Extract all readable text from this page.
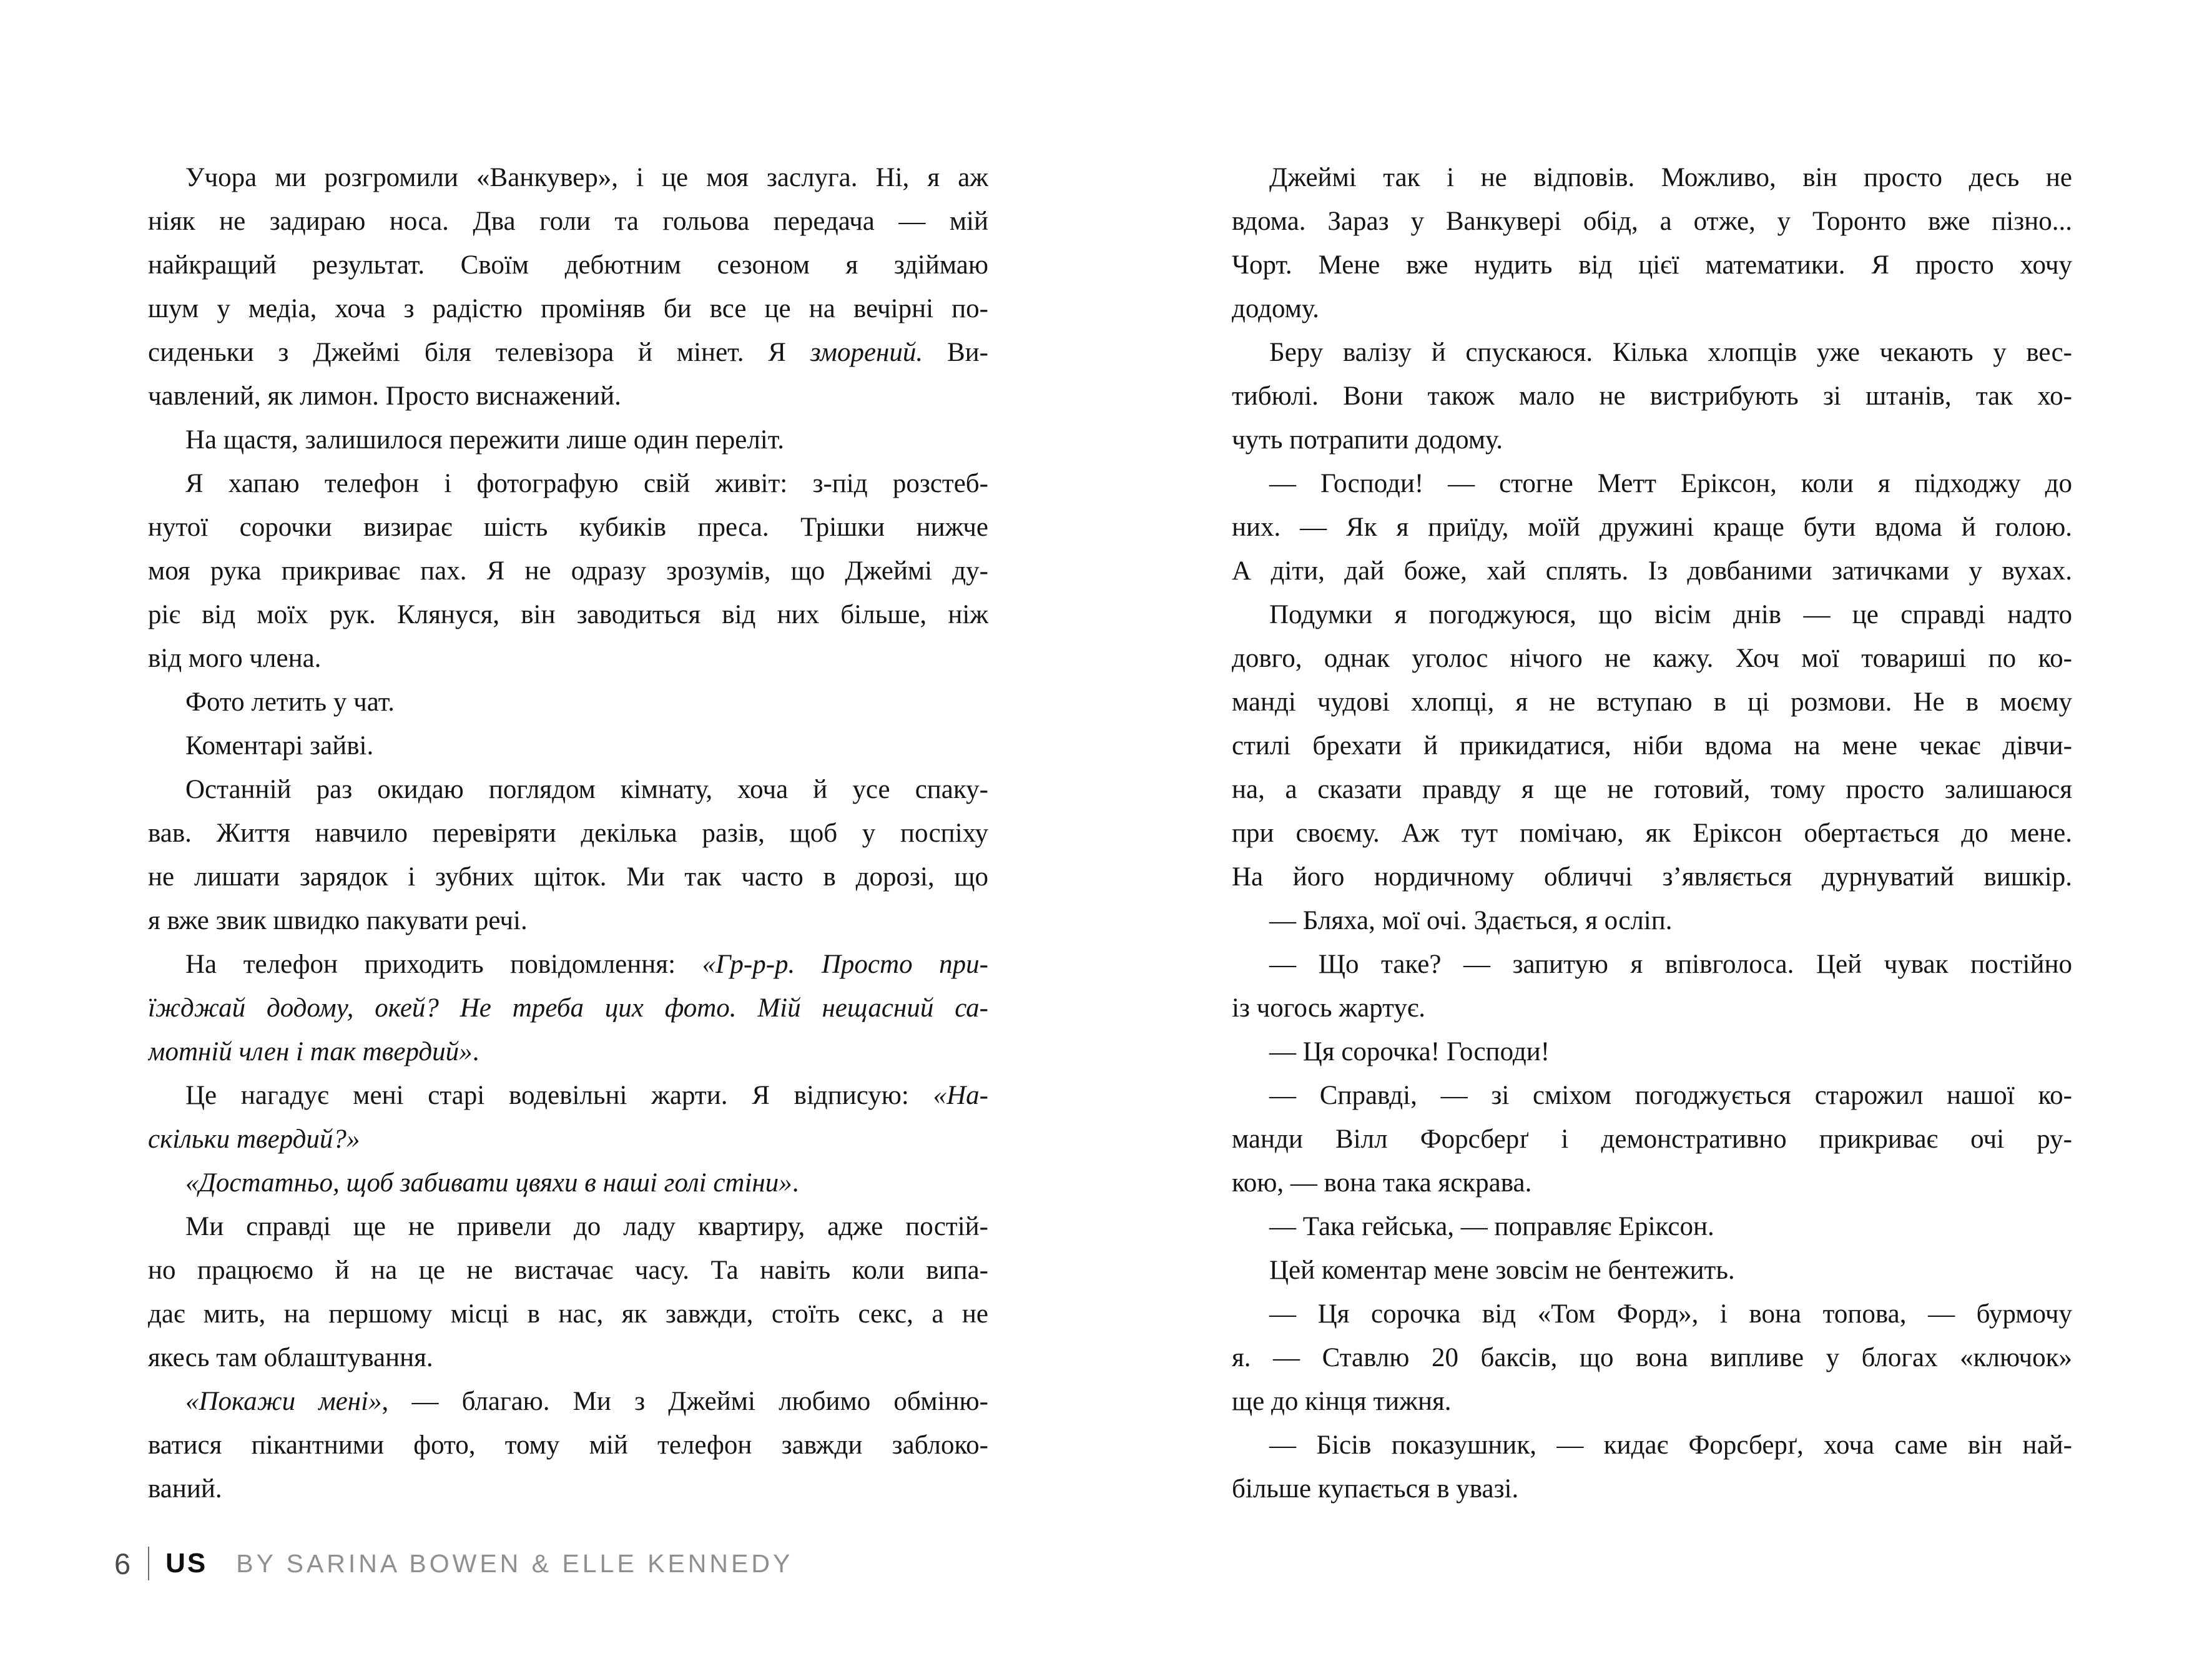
Учора ми розгромили «Ванкувер», і це моя заслуга. Ні, я аж
ніяк не задираю носа. Два голи та гольова передача — мій
найкращий результат. Своїм дебютним сезоном я здіймаю
шум у медіа, хоча з радістю проміняв би все це на вечірні по-
сиденьки з Джеймі біля телевізора й мінет. Я зморений. Ви-
чавлений, як лимон. Просто виснажений.
На щастя, залишилося пережити лише один переліт.
Я хапаю телефон і фотографую свій живіт: з-під розстеб-
нутої сорочки визирає шість кубиків преса. Трішки нижче
моя рука прикриває пах. Я не одразу зрозумів, що Джеймі ду-
ріє від моїх рук. Клянуся, він заводиться від них більше, ніж
від мого члена.
Фото летить у чат.
Коментарі зайві.
Останній раз окидаю поглядом кімнату, хоча й усе спаку-
вав. Життя навчило перевіряти декілька разів, щоб у поспіху
не лишати зарядок і зубних щіток. Ми так часто в дорозі, що
я вже звик швидко пакувати речі.
На телефон приходить повідомлення: «Гр-р-р. Просто при-
їжджай додому, окей? Не треба цих фото. Мій нещасний са-
мотній член і так твердий».
Це нагадує мені старі водевільні жарти. Я відписую: «На-
скільки твердий?»
«Достатньо, щоб забивати цвяхи в наші голі стіни».
Ми справді ще не привели до ладу квартиру, адже постій-
но працюємо й на це не вистачає часу. Та навіть коли випа-
дає мить, на першому місці в нас, як завжди, стоїть секс, а не
якесь там облаштування.
«Покажи мені», — благаю. Ми з Джеймі любимо обміню-
ватися пікантними фото, тому мій телефон завжди заблоко-
ваний.
6 US BY SARINA BOWEN & ELLE KENNEDY
Джеймі так і не відповів. Можливо, він просто десь не
вдома. Зараз у Ванкувері обід, а отже, у Торонто вже пізно...
Чорт. Мене вже нудить від цієї математики. Я просто хочу
додому.
Беру валізу й спускаюся. Кілька хлопців уже чекають у вес-
тибюлі. Вони також мало не вистрибують зі штанів, так хо-
чуть потрапити додому.
— Господи! — стогне Метт Еріксон, коли я підходжу до
них. — Як я приїду, моїй дружині краще бути вдома й голою.
А діти, дай боже, хай сплять. Із довбаними затичками у вухах.
Подумки я погоджуюся, що вісім днів — це справді надто
довго, однак уголос нічого не кажу. Хоч мої товариші по ко-
манді чудові хлопці, я не вступаю в ці розмови. Не в моєму
стилі брехати й прикидатися, ніби вдома на мене чекає дівчи-
на, а сказати правду я ще не готовий, тому просто залишаюся
при своєму. Аж тут помічаю, як Еріксон обертається до мене.
На його нордичному обличчі з’являється дурнуватий вишкір.
— Бляха, мої очі. Здається, я осліп.
— Що таке? — запитую я впівголоса. Цей чувак постійно
із чогось жартує.
— Ця сорочка! Господи!
— Справді, — зі сміхом погоджується старожил нашої ко-
манди Вілл Форсберґ і демонстративно прикриває очі ру-
кою, — вона така яскрава.
— Така гейська, — поправляє Еріксон.
Цей коментар мене зовсім не бентежить.
— Ця сорочка від «Том Форд», і вона топова, — бурмочу
я. — Ставлю 20 баксів, що вона випливе у блогах «ключок»
ще до кінця тижня.
— Бісів показушник, — кидає Форсберґ, хоча саме він най-
більше купається в увазі.
